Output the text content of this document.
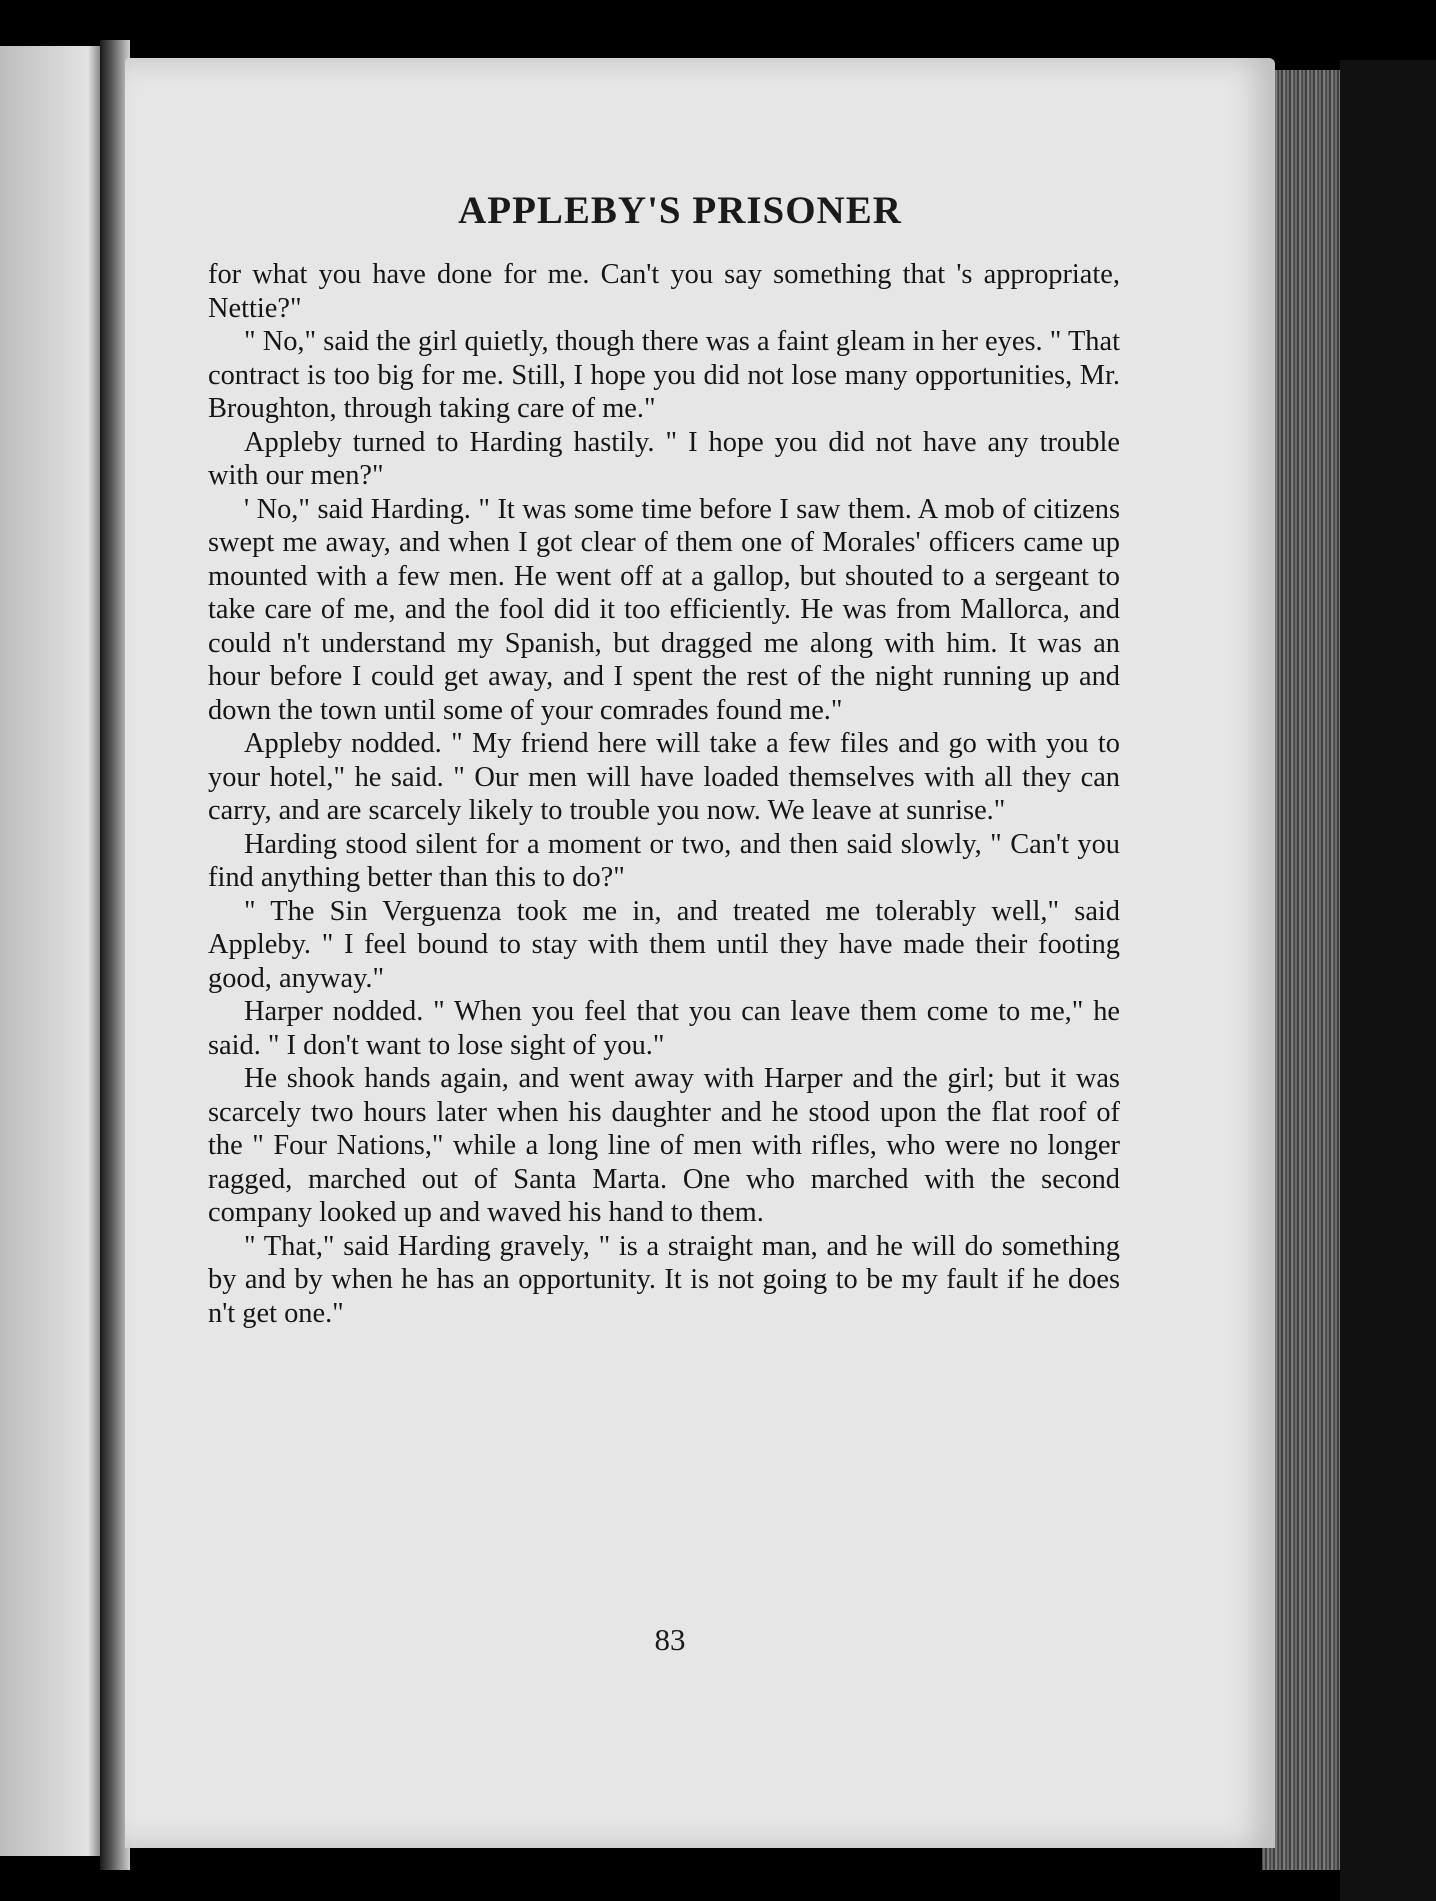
APPLEBY'S PRISONER

for what you have done for me. Can't you say something that 's appropriate, Nettie?"

" No," said the girl quietly, though there was a faint gleam in her eyes. " That contract is too big for me. Still, I hope you did not lose many opportunities, Mr. Broughton, through taking care of me."

Appleby turned to Harding hastily. " I hope you did not have any trouble with our men?"

' No," said Harding. " It was some time before I saw them. A mob of citizens swept me away, and when I got clear of them one of Morales' officers came up mounted with a few men. He went off at a gallop, but shouted to a sergeant to take care of me, and the fool did it too efficiently. He was from Mallorca, and could n't understand my Spanish, but dragged me along with him. It was an hour before I could get away, and I spent the rest of the night running up and down the town until some of your comrades found me."

Appleby nodded. " My friend here will take a few files and go with you to your hotel," he said. " Our men will have loaded themselves with all they can carry, and are scarcely likely to trouble you now. We leave at sunrise."

Harding stood silent for a moment or two, and then said slowly, " Can't you find anything better than this to do?"

" The Sin Verguenza took me in, and treated me tolerably well," said Appleby. " I feel bound to stay with them until they have made their footing good, anyway."

Harper nodded. " When you feel that you can leave them come to me," he said. " I don't want to lose sight of you."

He shook hands again, and went away with Harper and the girl; but it was scarcely two hours later when his daughter and he stood upon the flat roof of the " Four Nations," while a long line of men with rifles, who were no longer ragged, marched out of Santa Marta. One who marched with the second company looked up and waved his hand to them.

" That," said Harding gravely, " is a straight man, and he will do something by and by when he has an opportunity. It is not going to be my fault if he does n't get one."

83
